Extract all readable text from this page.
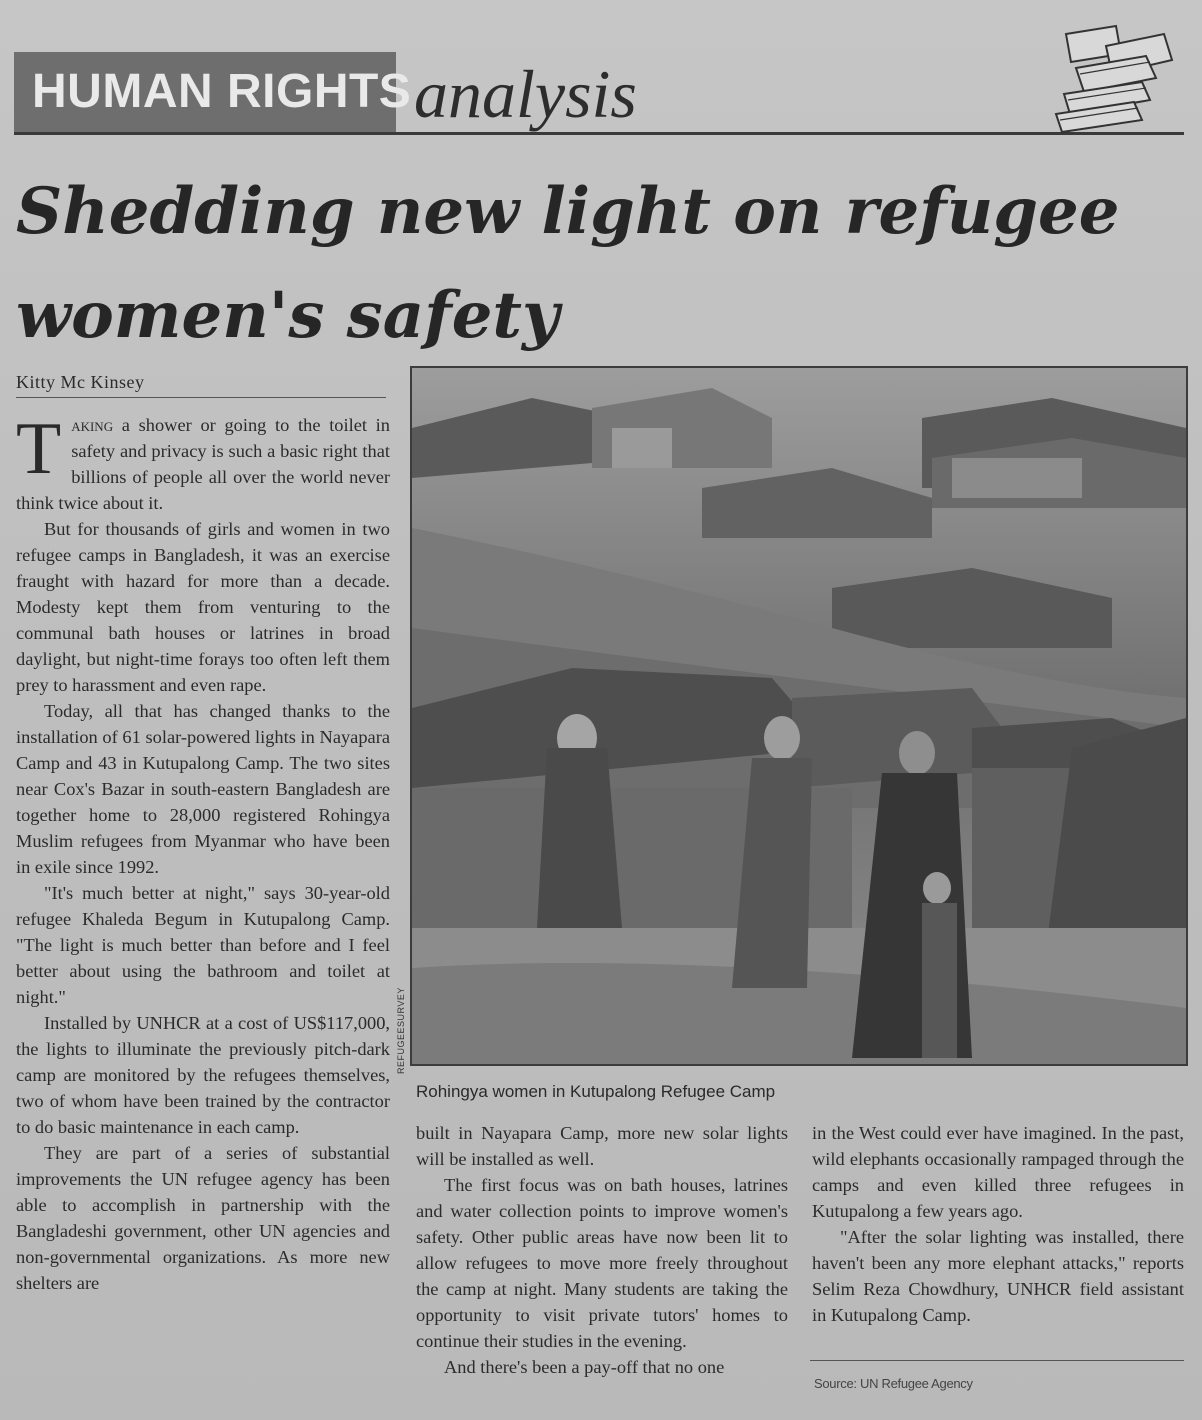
HUMAN RIGHTS analysis
Shedding new light on refugee women's safety
Kitty Mc Kinsey

Taking a shower or going to the toilet in safety and privacy is such a basic right that billions of people all over the world never think twice about it.

But for thousands of girls and women in two refugee camps in Bangladesh, it was an exercise fraught with hazard for more than a decade. Modesty kept them from venturing to the communal bath houses or latrines in broad daylight, but night-time forays too often left them prey to harassment and even rape.

Today, all that has changed thanks to the installation of 61 solar-powered lights in Nayapara Camp and 43 in Kutupalong Camp. The two sites near Cox's Bazar in south-eastern Bangladesh are together home to 28,000 registered Rohingya Muslim refugees from Myanmar who have been in exile since 1992.

"It's much better at night," says 30-year-old refugee Khaleda Begum in Kutupalong Camp. "The light is much better than before and I feel better about using the bathroom and toilet at night."

Installed by UNHCR at a cost of US$117,000, the lights to illuminate the previously pitch-dark camp are monitored by the refugees themselves, two of whom have been trained by the contractor to do basic maintenance in each camp.

They are part of a series of substantial improvements the UN refugee agency has been able to accomplish in partnership with the Bangladeshi government, other UN agencies and non-governmental organizations. As more new shelters are

REFUGEESURVEY
Rohingya women in Kutupalong Refugee Camp

built in Nayapara Camp, more new solar lights will be installed as well.

The first focus was on bath houses, latrines and water collection points to improve women's safety. Other public areas have now been lit to allow refugees to move more freely throughout the camp at night. Many students are taking the opportunity to visit private tutors' homes to continue their studies in the evening.

And there's been a pay-off that no one

in the West could ever have imagined. In the past, wild elephants occasionally rampaged through the camps and even killed three refugees in Kutupalong a few years ago.

"After the solar lighting was installed, there haven't been any more elephant attacks," reports Selim Reza Chowdhury, UNHCR field assistant in Kutupalong Camp.

Source: UN Refugee Agency
